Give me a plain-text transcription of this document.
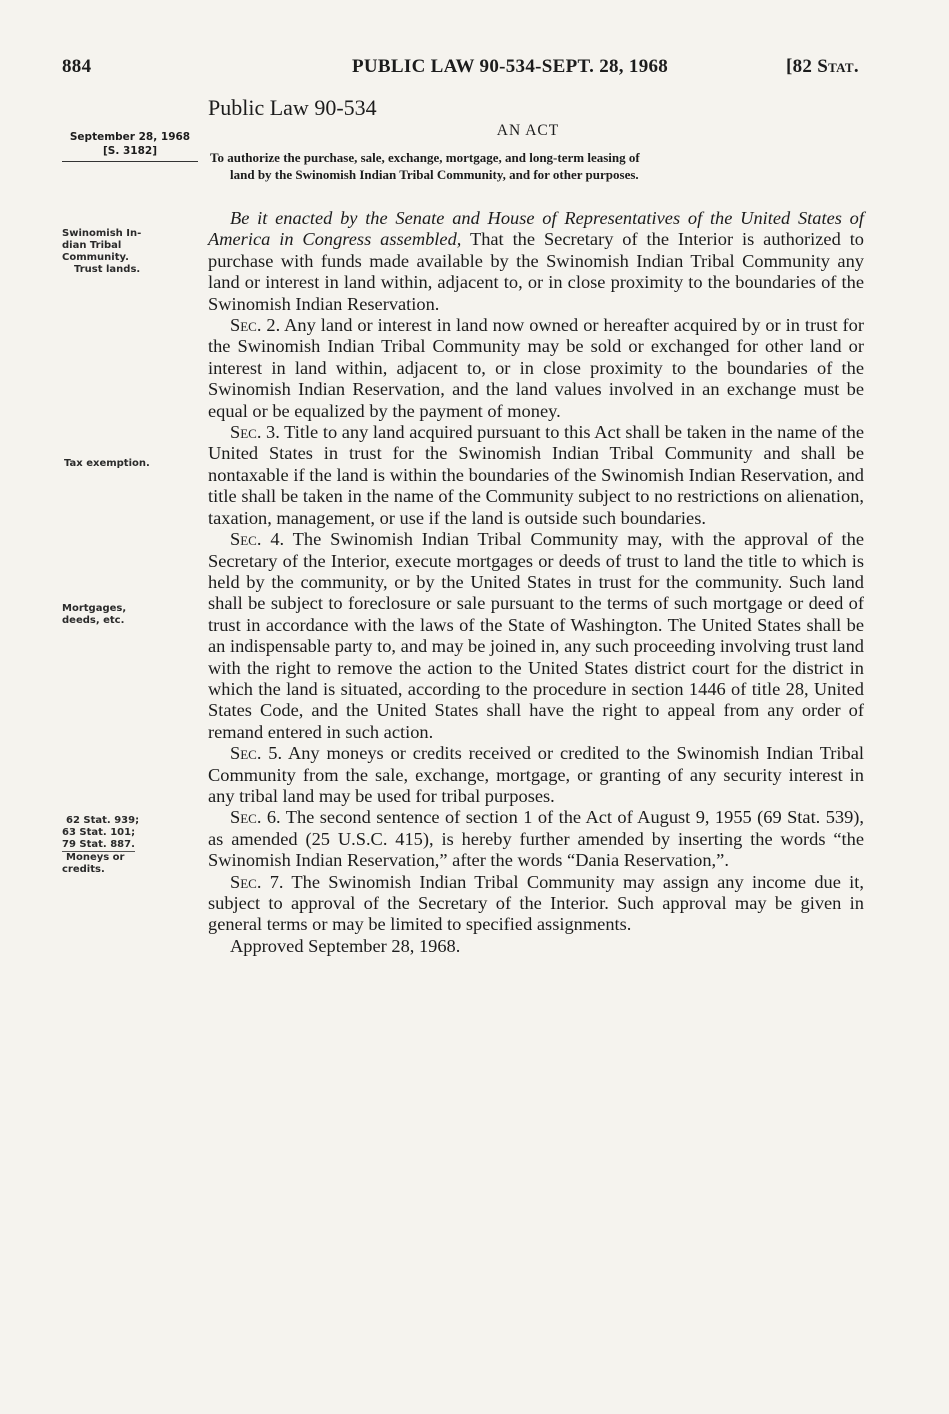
884	PUBLIC LAW 90-534-SEPT. 28, 1968	[82 Stat.
Public Law 90-534
AN ACT
To authorize the purchase, sale, exchange, mortgage, and long-term leasing of
land by the Swinomish Indian Tribal Community, and for other purposes.
September 28, 1968
[S. 3182]
Swinomish In-
dian Tribal
Community.
Trust lands.
Tax exemption.
Mortgages,
deeds, etc.
62 Stat. 939;
63 Stat. 101;
79 Stat. 887.
Moneys or
credits.

Be it enacted by the Senate and House of Representatives of the United States of America in Congress assembled, That the Secretary of the Interior is authorized to purchase with funds made available by the Swinomish Indian Tribal Community any land or interest in land within, adjacent to, or in close proximity to the boundaries of the Swinomish Indian Reservation.

Sec. 2. Any land or interest in land now owned or hereafter acquired by or in trust for the Swinomish Indian Tribal Community may be sold or exchanged for other land or interest in land within, adjacent to, or in close proximity to the boundaries of the Swinomish Indian Reservation, and the land values involved in an exchange must be equal or be equalized by the payment of money.

Sec. 3. Title to any land acquired pursuant to this Act shall be taken in the name of the United States in trust for the Swinomish Indian Tribal Community and shall be nontaxable if the land is within the boundaries of the Swinomish Indian Reservation, and title shall be taken in the name of the Community subject to no restrictions on alienation, taxation, management, or use if the land is outside such boundaries.

Sec. 4. The Swinomish Indian Tribal Community may, with the approval of the Secretary of the Interior, execute mortgages or deeds of trust to land the title to which is held by the community, or by the United States in trust for the community. Such land shall be subject to foreclosure or sale pursuant to the terms of such mortgage or deed of trust in accordance with the laws of the State of Washington. The United States shall be an indispensable party to, and may be joined in, any such proceeding involving trust land with the right to remove the action to the United States district court for the district in which the land is situated, according to the procedure in section 1446 of title 28, United States Code, and the United States shall have the right to appeal from any order of remand entered in such action.

Sec. 5. Any moneys or credits received or credited to the Swinomish Indian Tribal Community from the sale, exchange, mortgage, or granting of any security interest in any tribal land may be used for tribal purposes.

Sec. 6. The second sentence of section 1 of the Act of August 9, 1955 (69 Stat. 539), as amended (25 U.S.C. 415), is hereby further amended by inserting the words “the Swinomish Indian Reservation,” after the words “Dania Reservation,”.

Sec. 7. The Swinomish Indian Tribal Community may assign any income due it, subject to approval of the Secretary of the Interior. Such approval may be given in general terms or may be limited to specified assignments.

Approved September 28, 1968.
